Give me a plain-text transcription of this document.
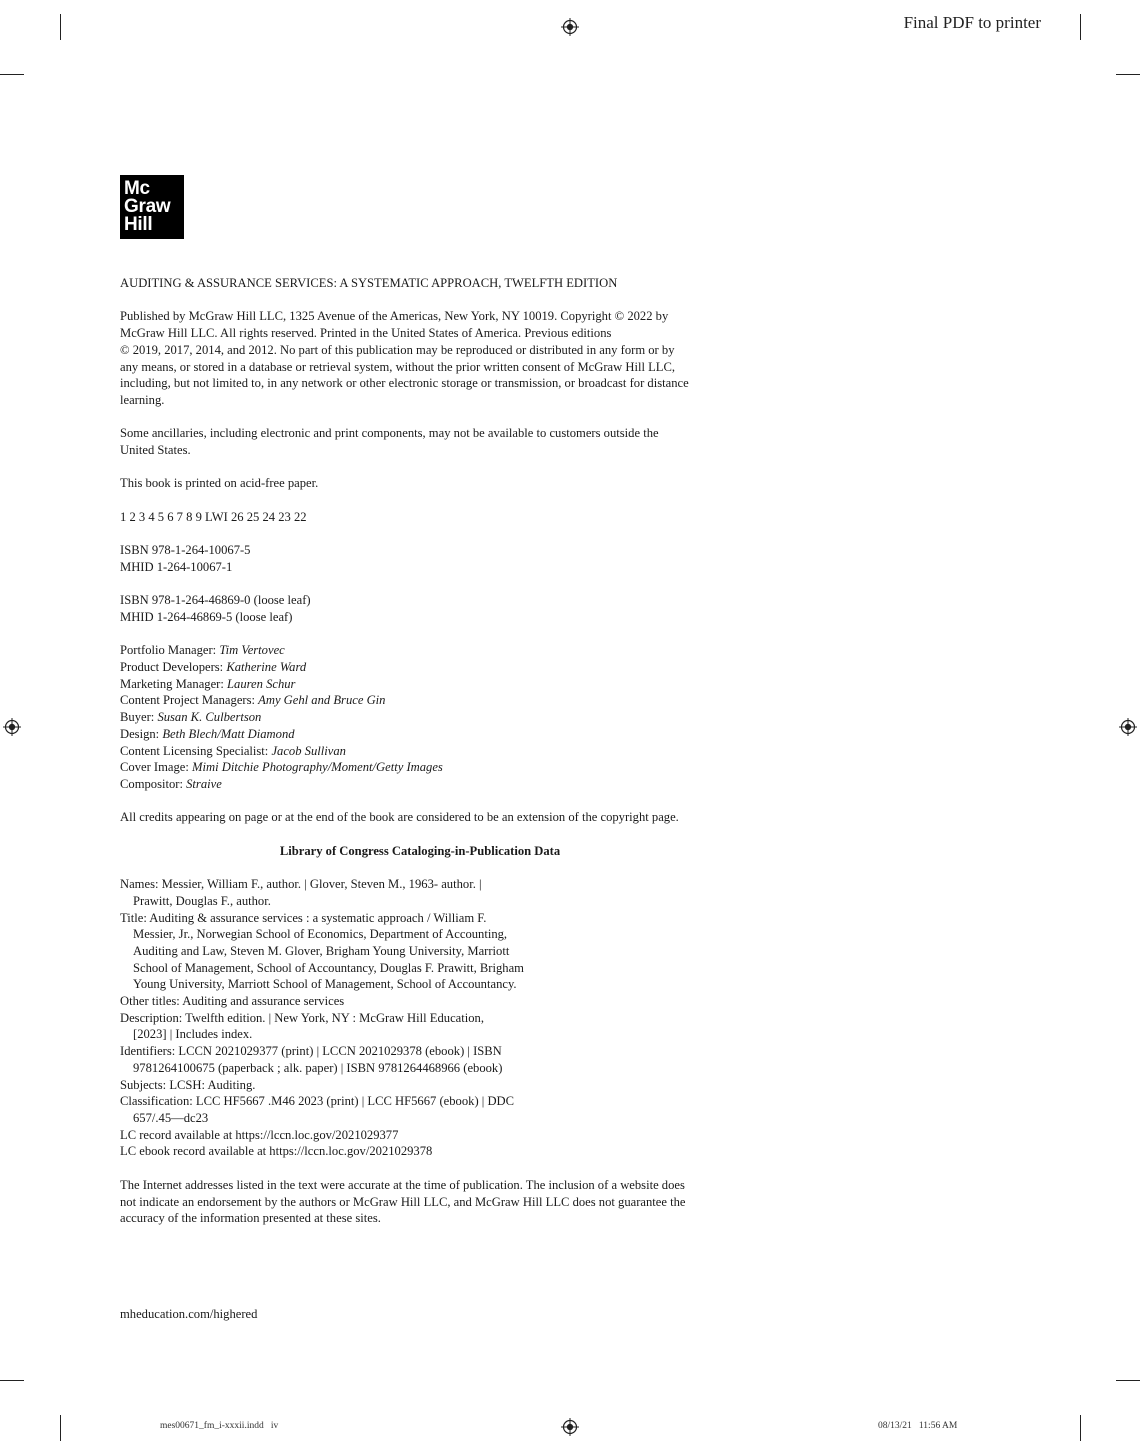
Final PDF to printer
Mc
Graw
Hill

AUDITING & ASSURANCE SERVICES: A SYSTEMATIC APPROACH, TWELFTH EDITION

Published by McGraw Hill LLC, 1325 Avenue of the Americas, New York, NY 10019. Copyright © 2022 by

McGraw Hill LLC. All rights reserved. Printed in the United States of America. Previous editions

© 2019, 2017, 2014, and 2012. No part of this publication may be reproduced or distributed in any form or by

any means, or stored in a database or retrieval system, without the prior written consent of McGraw Hill LLC,

including, but not limited to, in any network or other electronic storage or transmission, or broadcast for distance

learning.

Some ancillaries, including electronic and print components, may not be available to customers outside the

United States.

This book is printed on acid-free paper.

1 2 3 4 5 6 7 8 9 LWI 26 25 24 23 22

ISBN 978-1-264-10067-5

MHID 1-264-10067-1

ISBN 978-1-264-46869-0 (loose leaf)

MHID 1-264-46869-5 (loose leaf)

Portfolio Manager: Tim Vertovec

Product Developers: Katherine Ward

Marketing Manager: Lauren Schur

Content Project Managers: Amy Gehl and Bruce Gin

Buyer: Susan K. Culbertson

Design: Beth Blech/Matt Diamond

Content Licensing Specialist: Jacob Sullivan

Cover Image: Mimi Ditchie Photography/Moment/Getty Images

Compositor: Straive

All credits appearing on page or at the end of the book are considered to be an extension of the copyright page.

Library of Congress Cataloging-in-Publication Data

Names: Messier, William F., author. | Glover, Steven M., 1963- author. |

Prawitt, Douglas F., author.

Title: Auditing & assurance services : a systematic approach / William F.

Messier, Jr., Norwegian School of Economics, Department of Accounting,

Auditing and Law, Steven M. Glover, Brigham Young University, Marriott

School of Management, School of Accountancy, Douglas F. Prawitt, Brigham

Young University, Marriott School of Management, School of Accountancy.

Other titles: Auditing and assurance services

Description: Twelfth edition. | New York, NY : McGraw Hill Education,

[2023] | Includes index.

Identifiers: LCCN 2021029377 (print) | LCCN 2021029378 (ebook) | ISBN

9781264100675 (paperback ; alk. paper) | ISBN 9781264468966 (ebook)

Subjects: LCSH: Auditing.

Classification: LCC HF5667 .M46 2023 (print) | LCC HF5667 (ebook) | DDC

657/.45—dc23

LC record available at https://lccn.loc.gov/2021029377

LC ebook record available at https://lccn.loc.gov/2021029378

The Internet addresses listed in the text were accurate at the time of publication. The inclusion of a website does

not indicate an endorsement by the authors or McGraw Hill LLC, and McGraw Hill LLC does not guarantee the

accuracy of the information presented at these sites.

mheducation.com/highered
mes00671_fm_i-xxxii.indd   iv	08/13/21   11:56 AM
